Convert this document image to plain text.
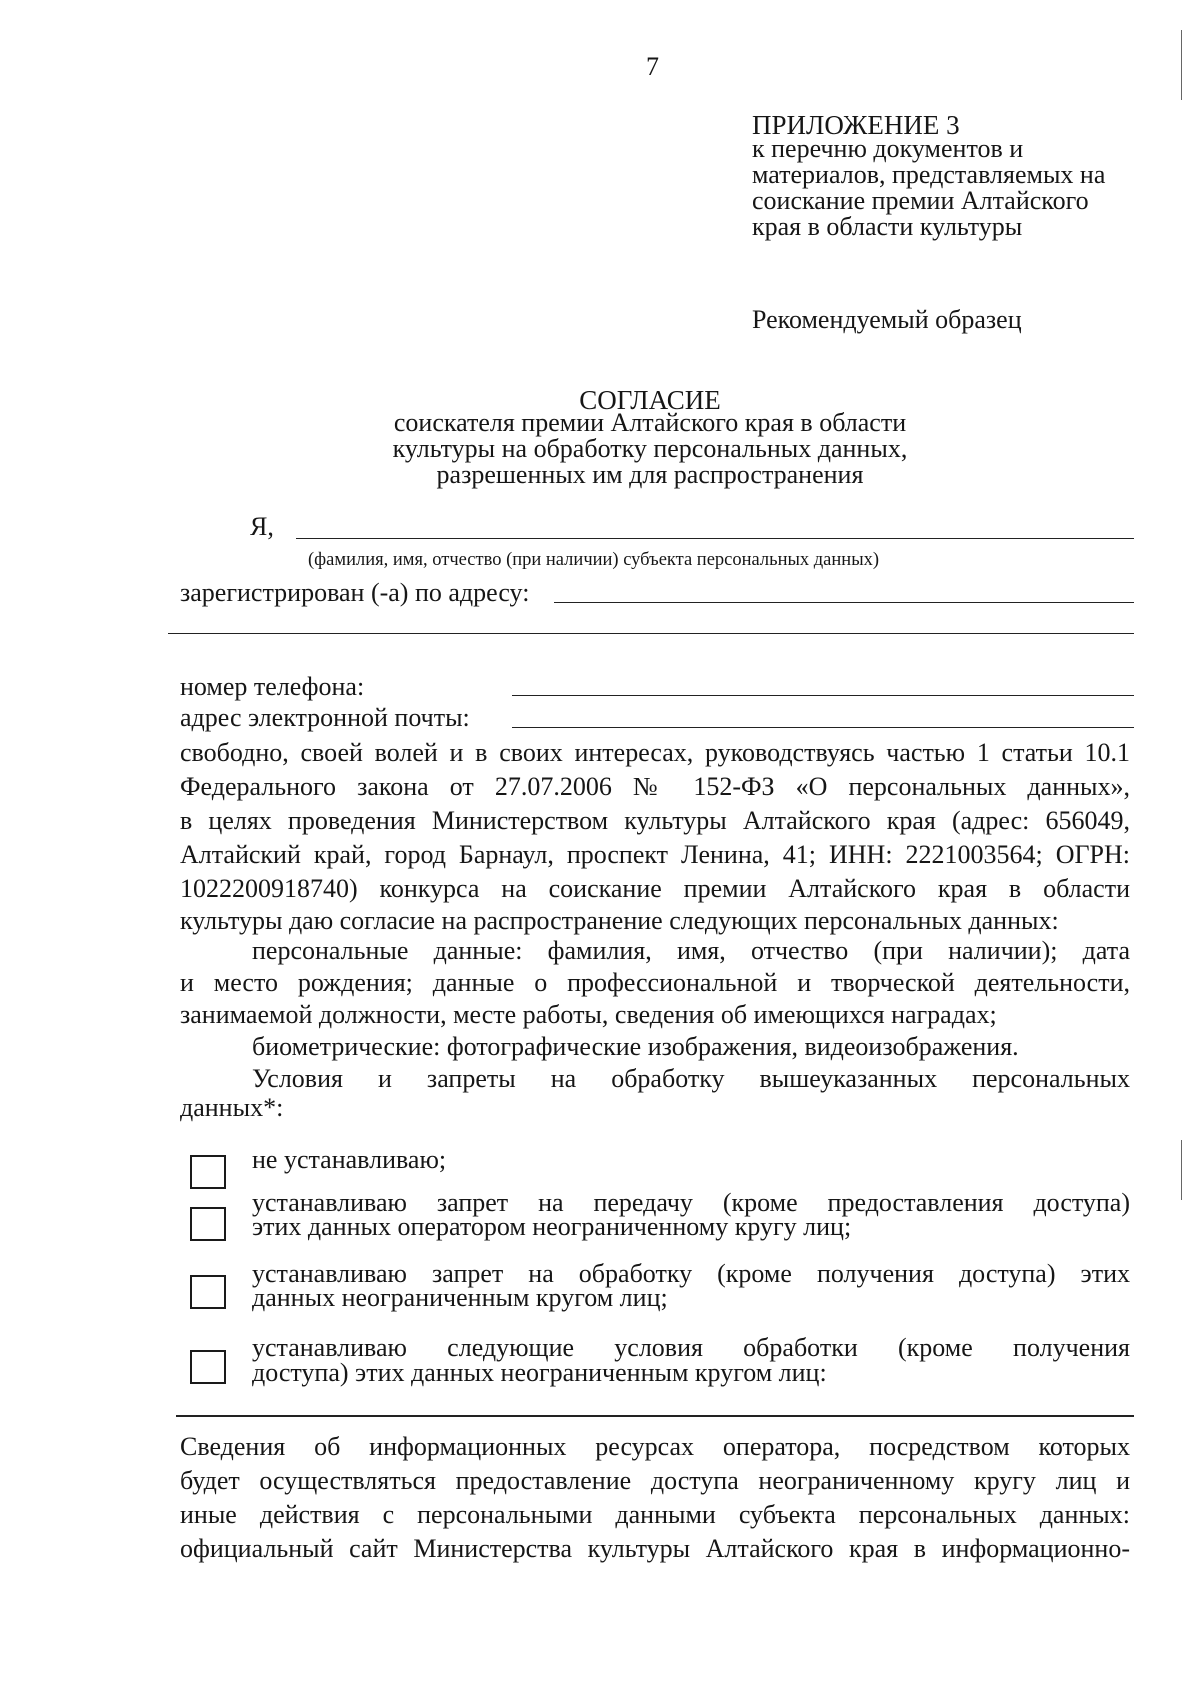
7
ПРИЛОЖЕНИЕ 3
к перечню документов и
материалов, представляемых на
соискание премии Алтайского
края в области культуры
Рекомендуемый образец
СОГЛАСИЕ
соискателя премии Алтайского края в области
культуры на обработку персональных данных,
разрешенных им для распространения
Я,
(фамилия, имя, отчество (при наличии) субъекта персональных данных)
зарегистрирован (-а) по адресу:
номер телефона:
адрес электронной почты:
свободно, своей волей и в своих интересах, руководствуясь частью 1 статьи 10.1
Федерального закона от 27.07.2006 № 152-ФЗ «О персональных данных»,
в целях проведения Министерством культуры Алтайского края (адрес: 656049,
Алтайский край, город Барнаул, проспект Ленина, 41; ИНН: 2221003564; ОГРН:
1022200918740) конкурса на соискание премии Алтайского края в области
культуры даю согласие на распространение следующих персональных данных:
персональные данные: фамилия, имя, отчество (при наличии); дата
и место рождения; данные о профессиональной и творческой деятельности,
занимаемой должности, месте работы, сведения об имеющихся наградах;
биометрические: фотографические изображения, видеоизображения.
Условия и запреты на обработку вышеуказанных персональных
данных*:
не устанавливаю;
устанавливаю запрет на передачу (кроме предоставления доступа)
этих данных оператором неограниченному кругу лиц;
устанавливаю запрет на обработку (кроме получения доступа) этих
данных неограниченным кругом лиц;
устанавливаю следующие условия обработки (кроме получения
доступа) этих данных неограниченным кругом лиц:
Сведения об информационных ресурсах оператора, посредством которых
будет осуществляться предоставление доступа неограниченному кругу лиц и
иные действия с персональными данными субъекта персональных данных:
официальный сайт Министерства культуры Алтайского края в информационно-
